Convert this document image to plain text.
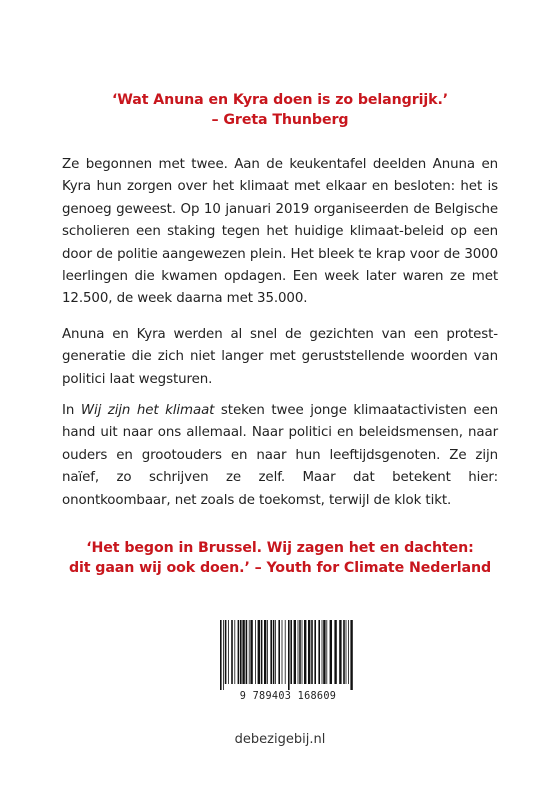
‘Wat Anuna en Kyra doen is zo belangrijk.’
– Greta Thunberg

Ze begonnen met twee. Aan de keukentafel deelden Anuna en Kyra hun zorgen over het klimaat met elkaar en besloten: het is genoeg geweest. Op 10 januari 2019 organiseerden de Belgische scholieren een staking tegen het huidige klimaat-beleid op een door de politie aangewezen plein. Het bleek te krap voor de 3000 leerlingen die kwamen opdagen. Een week later waren ze met 12.500, de week daarna met 35.000.

Anuna en Kyra werden al snel de gezichten van een protest-generatie die zich niet langer met geruststellende woorden van politici laat wegsturen.

In Wij zijn het klimaat steken twee jonge klimaatactivisten een hand uit naar ons allemaal. Naar politici en beleidsmensen, naar ouders en grootouders en naar hun leeftijdsgenoten. Ze zijn naïef, zo schrijven ze zelf. Maar dat betekent hier: onontkoombaar, net zoals de toekomst, terwijl de klok tikt.

‘Het begon in Brussel. Wij zagen het en dachten:
dit gaan wij ook doen.’ – Youth for Climate Nederland
9 789403 168609
debezigebij.nl
